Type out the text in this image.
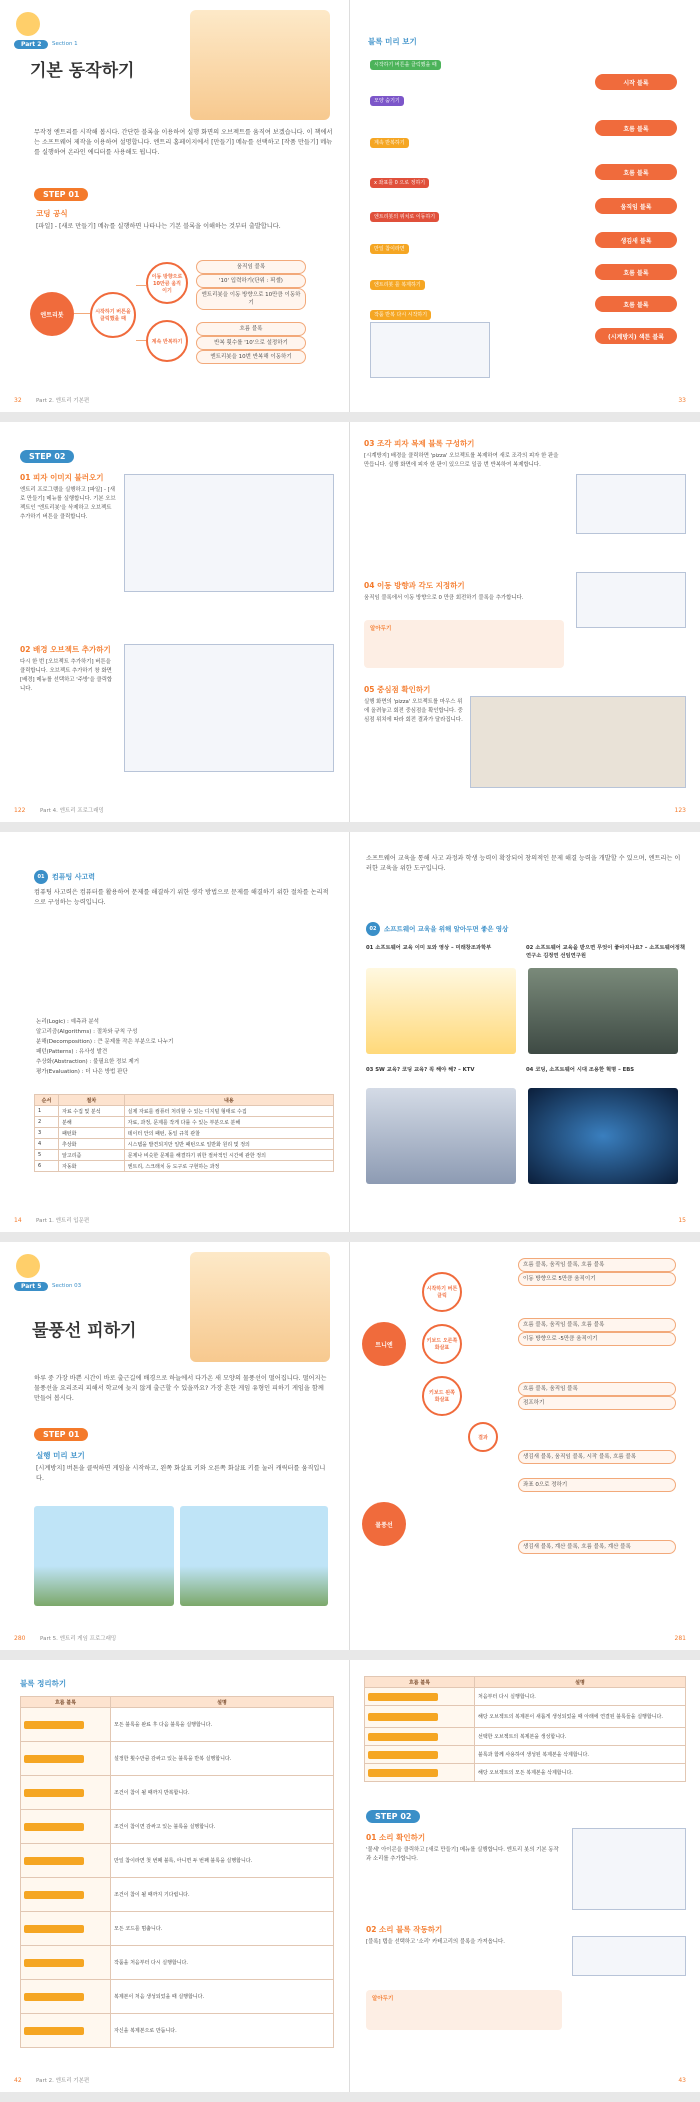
Part 2	Section 1
기본 동작하기
무작정 엔트리를 시작해 봅시다. 간단한 블록을 이용하여 실행 화면의 오브젝트를 움직여 보겠습니다. 이 책에서는 소프트웨어 제작을 이용하여 설명합니다. 엔트리 홈페이지에서 [만들기] 메뉴를 선택하고 [작품 만들기] 메뉴를 실행하여 온라인 에디터를 사용해도 됩니다.
STEP 01
코딩 공식
[파일] - [새로 만들기] 메뉴를 실행하면 나타나는 기본 블록을 이해하는 것부터 출발합니다.
엔트리봇	시작하기 버튼을 클릭했을 때
이동 방향으로 10만큼 움직이기
계속 반복하기
움직임 블록
'10' 입력하기(단위 : 픽셀)
엔트리봇을 이동 방향으로 10만큼 이동하기
흐름 블록
반복 횟수를 '10'으로 설정하기
엔트리봇을 10번 반복해 이동하기
32	Part 2. 엔트리 기본편
블록 미리 보기
시작하기 버튼을 클릭했을 때
모양 숨기기
계속 반복하기
x 좌표를 0 으로 정하기
엔트리봇의 위치로 이동하기
만일 참이라면
엔트리봇 를 복제하기
작품 반복 다시 시작하기
시작 블록
흐름 블록
흐름 블록
움직임 블록
생김새 블록
흐름 블록
흐름 블록
(시계방지) 색튼 블록
33
STEP 02
01 피자 이미지 불러오기
엔트리 프로그램을 실행하고 [파일] - [새로 만들기] 메뉴를 실행합니다. 기본 오브젝트인 '엔트리봇'을 삭제하고 오브젝트 추가하기 버튼을 클릭합니다.
02 배경 오브젝트 추가하기
다시 한 번 [오브젝트 추가하기] 버튼을 클릭합니다. 오브젝트 추가하기 창 화면 [배경] 메뉴를 선택하고 '주방'을 클릭합니다.
122	Part 4. 엔트리 프로그래밍
03 조각 피자 복제 블록 구성하기
[시계방지] 배경을 클릭하면 'pizza' 오브젝트를 복제하여 새로 조각의 피자 한 판을 만듭니다. 실행 화면에 피자 한 판이 있으므로 일곱 번 반복하여 복제합니다.
04 이동 방향과 각도 지정하기
움직임 블록에서 이동 방향으로 0 만큼 회전하기 블록을 추가합니다.
알아두기
05 중심점 확인하기
실행 화면의 'pizza' 오브젝트를 마우스 위에 올려놓고 회전 중심점을 확인합니다. 중심점 위치에 따라 회전 결과가 달라집니다.
123
01	컴퓨팅 사고력
컴퓨팅 사고력은 컴퓨터를 활용하여 문제를 해결하기 위한 생각 방법으로 문제를 해결하기 위한 절차를 논리적으로 구성하는 능력입니다.
논리(Logic) : 예측과 분석
알고리즘(Algorithms) : 절차와 규칙 구성
분해(Decomposition) : 큰 문제를 작은 부분으로 나누기
패턴(Patterns) : 유사성 발견
추상화(Abstraction) : 불필요한 정보 제거
평가(Evaluation) : 더 나은 방법 판단
순서	절차	내용
1	자료 수집 및 분석	실제 자료를 컴퓨터 처리할 수 있는 디지털 형태로 수집
2	분해	자료, 과정, 문제를 작게 다룰 수 있는 부분으로 분해
3	패턴화	데이터 안의 패턴, 동일 규칙 관찰
4	추상화	시스템을 발견되지만 일반 패턴으로 일반화 원리 및 정의
5	알고리즘	문제나 비슷한 문제를 해결하기 위한 절차적인 시간에 관한 정의
6	자동화	엔트리, 스크래치 등 도구로 구현하는 과정
14	Part 1. 엔트리 입문편
소프트웨어 교육을 통해 사고 과정과 학생 능력이 확장되어 창의적인 문제 해결 능력을 개발할 수 있으며, 엔트리는 이러한 교육을 위한 도구입니다.
02	소프트웨어 교육을 위해 알아두면 좋은 영상
01 소프트웨어 교육 이미 토와 영상 – 미래창조과학부	02 소프트웨어 교육을 받으면 무엇이 좋아지나요? – 소프트웨어정책연구소 김정연 선임연구원
03 SW 교육? 코딩 교육? 꼭 해야 해? – KTV	04 코딩, 소프트웨어 시대 조용한 혁명 – EBS
15
Part 5	Section 03
물풍선 피하기
하루 중 가장 바쁜 시간이 바로 출근길에 배경으로 하늘에서 다가온 새 모양의 물풍선이 떨어집니다. 떨어지는 물풍선을 요리조리 피해서 학교에 늦지 않게 출근할 수 있을까요? 가장 흔한 게임 유형인 피하기 게임을 함께 만들어 봅시다.
STEP 01
실행 미리 보기
[시계방지] 버튼을 클릭하면 게임을 시작하고, 왼쪽 화살표 키와 오른쪽 화살표 키를 눌러 캐릭터를 움직입니다.
280	Part 5. 엔트리 게임 프로그래밍
트니엔
물풍선
시작하기 버튼 클릭
키보드 오른쪽 화살표
키보드 왼쪽 화살표
결과
흐름 블록, 움직임 블록, 흐름 블록
이동 방향으로 5만큼 움직이기
흐름 블록, 움직임 블록, 흐름 블록
이동 방향으로 -5만큼 움직이기
흐름 블록, 움직임 블록
점프하기
생김새 블록, 움직임 블록, 시작 블록, 흐름 블록
좌표 0으로 정하기
생김새 블록, 계산 블록, 흐름 블록, 계산 블록
281
블록 정리하기
흐름 블록	설명

	모든 블록을 완료 후 다음 블록을 실행합니다.

	설정한 횟수만큼 감싸고 있는 블록을 반복 실행합니다.

	조건이 참이 될 때까지 반복합니다.

	조건이 참이면 감싸고 있는 블록을 실행합니다.

	만일 참이라면 첫 번째 블록, 아니면 두 번째 블록을 실행합니다.

	조건이 참이 될 때까지 기다립니다.

	모든 코드를 멈춥니다.

	작품을 처음부터 다시 실행합니다.

	복제본이 처음 생성되었을 때 실행합니다.

	자신을 복제본으로 만듭니다.
42	Part 2. 엔트리 기본편
흐름 블록	설명

	처음부터 다시 실행합니다.

	해당 오브젝트의 복제본이 새롭게 생성되었을 때 아래에 연결된 블록들을 실행합니다.

	선택한 오브젝트의 복제본을 생성합니다.

	블록과 함께 사용하여 생성된 복제본을 삭제합니다.

	해당 오브젝트의 모든 복제본을 삭제합니다.
STEP 02
01 소리 확인하기
'물세' 아이콘을 클릭하고 [새로 만들기] 메뉴를 실행합니다. 엔트리 봇의 기본 동작과 소리를 추가합니다.
02 소리 블록 작동하기
[블록] 탭을 선택하고 '소리' 카테고리의 블록을 가져옵니다.
알아두기
43
